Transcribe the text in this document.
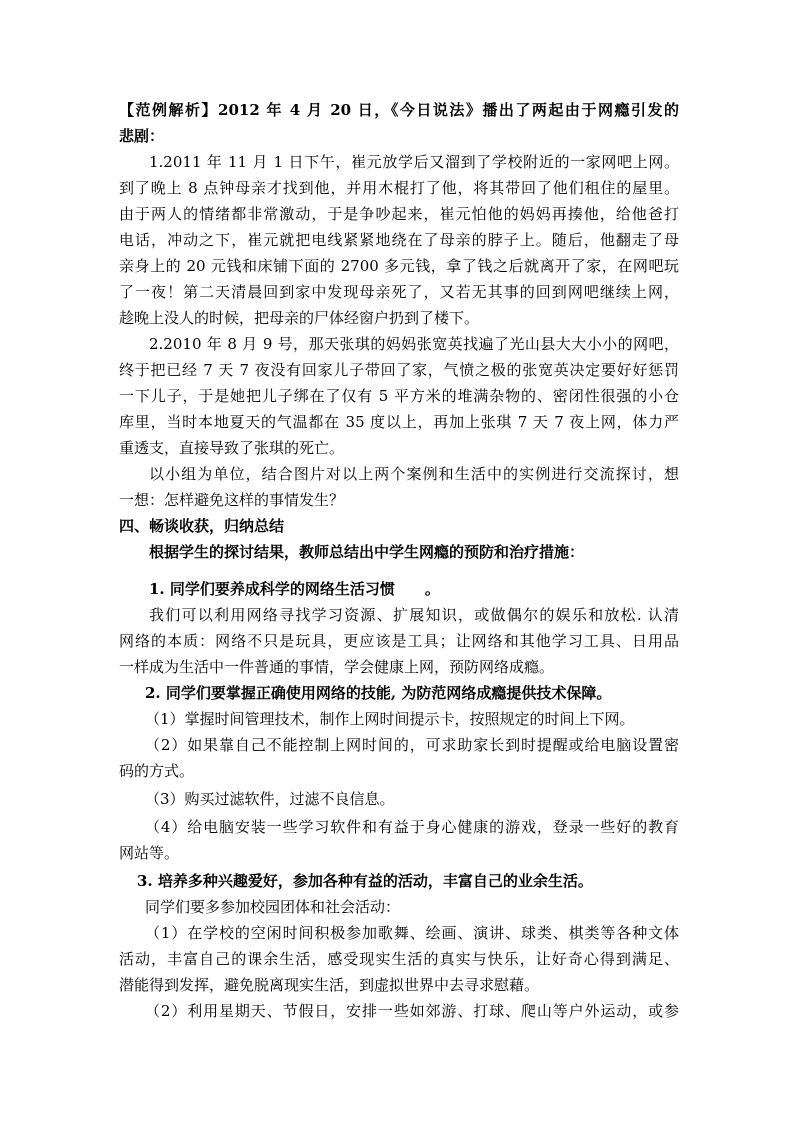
【范例解析】2012 年 4 月 20 日，《今日说法》播出了两起由于网瘾引发的
悲剧：
1.2011 年 11 月 1 日下午，崔元放学后又溜到了学校附近的一家网吧上网。
到了晚上 8 点钟母亲才找到他，并用木棍打了他，将其带回了他们租住的屋里。
由于两人的情绪都非常激动，于是争吵起来，崔元怕他的妈妈再揍他，给他爸打
电话，冲动之下，崔元就把电线紧紧地绕在了母亲的脖子上。随后，他翻走了母
亲身上的 20 元钱和床铺下面的 2700 多元钱，拿了钱之后就离开了家，在网吧玩
了一夜！第二天清晨回到家中发现母亲死了，又若无其事的回到网吧继续上网，
趁晚上没人的时候，把母亲的尸体经窗户扔到了楼下。
2.2010 年 8 月 9 号，那天张琪的妈妈张宽英找遍了光山县大大小小的网吧，
终于把已经 7 天 7 夜没有回家儿子带回了家，气愤之极的张宽英决定要好好惩罚
一下儿子，于是她把儿子绑在了仅有 5 平方米的堆满杂物的、密闭性很强的小仓
库里，当时本地夏天的气温都在 35 度以上，再加上张琪 7 天 7 夜上网，体力严
重透支，直接导致了张琪的死亡。
以小组为单位，结合图片对以上两个案例和生活中的实例进行交流探讨，想
一想：怎样避免这样的事情发生？
四、畅谈收获，归纳总结
根据学生的探讨结果，教师总结出中学生网瘾的预防和治疗措施：
1. 同学们要养成科学的网络生活习惯　　。
我们可以利用网络寻找学习资源、扩展知识，或做偶尔的娱乐和放松. 认清
网络的本质：网络不只是玩具，更应该是工具；让网络和其他学习工具、日用品
一样成为生活中一件普通的事情，学会健康上网，预防网络成瘾。
2. 同学们要掌握正确使用网络的技能, 为防范网络成瘾提供技术保障。
（1）掌握时间管理技术，制作上网时间提示卡，按照规定的时间上下网。
（2）如果靠自己不能控制上网时间的，可求助家长到时提醒或给电脑设置密
码的方式。
（3）购买过滤软件，过滤不良信息。
（4）给电脑安装一些学习软件和有益于身心健康的游戏，登录一些好的教育
网站等。
3. 培养多种兴趣爱好，参加各种有益的活动，丰富自己的业余生活。
同学们要多参加校园团体和社会活动：
（1）在学校的空闲时间积极参加歌舞、绘画、演讲、球类、棋类等各种文体
活动，丰富自己的课余生活，感受现实生活的真实与快乐，让好奇心得到满足、
潜能得到发挥，避免脱离现实生活，到虚拟世界中去寻求慰藉。
（2）利用星期天、节假日，安排一些如郊游、打球、爬山等户外运动，或参
